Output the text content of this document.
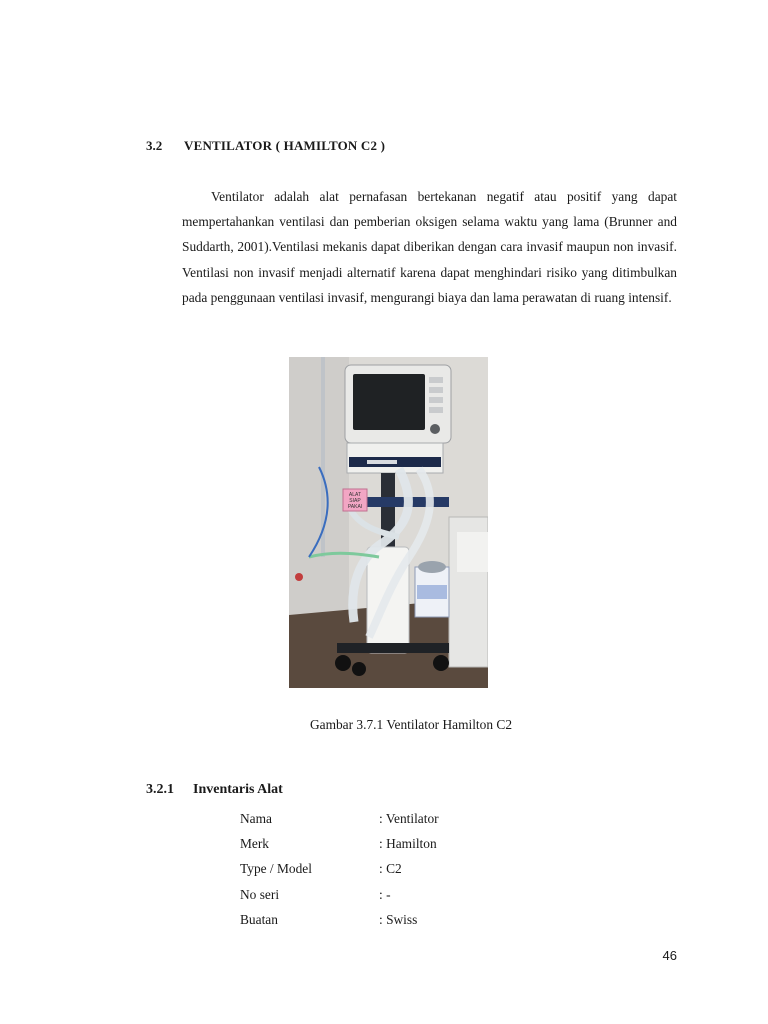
3.2 VENTILATOR ( HAMILTON C2 )
Ventilator adalah alat pernafasan bertekanan negatif atau positif yang dapat mempertahankan ventilasi dan pemberian oksigen selama waktu yang lama (Brunner and Suddarth, 2001).Ventilasi mekanis dapat diberikan dengan cara invasif maupun non invasif. Ventilasi non invasif menjadi alternatif karena dapat menghindari risiko yang ditimbulkan pada penggunaan ventilasi invasif, mengurangi biaya dan lama perawatan di ruang intensif.
ALAT
SIAP
PAKAI
Gambar 3.7.1 Ventilator Hamilton C2
3.2.1 Inventaris Alat
Nama	: Ventilator
Merk	: Hamilton
Type / Model	: C2
No seri	: -
Buatan	: Swiss
46
